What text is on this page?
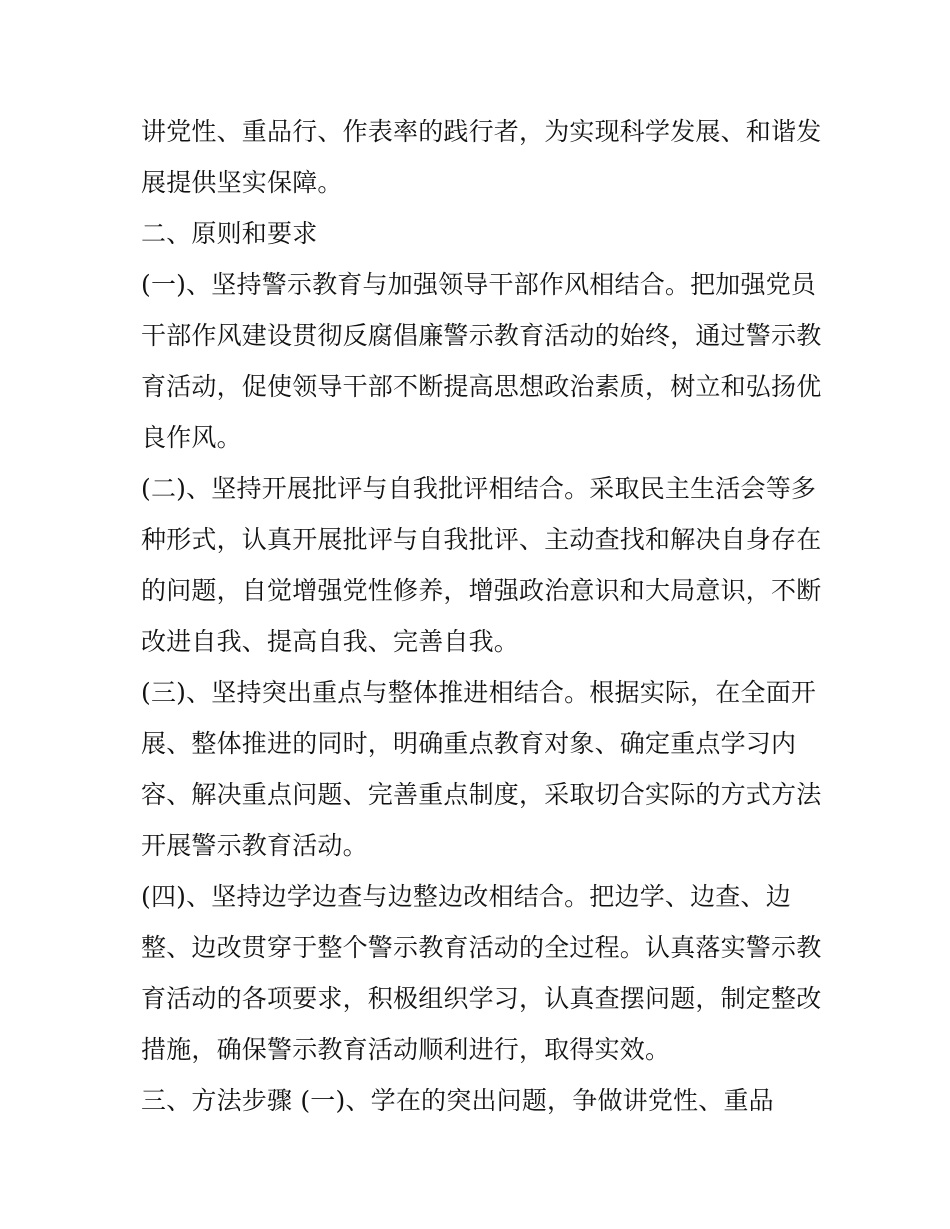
讲党性、重品行、作表率的践行者，为实现科学发展、和谐发
展提供坚实保障。
二、原则和要求
(一)、坚持警示教育与加强领导干部作风相结合。把加强党员
干部作风建设贯彻反腐倡廉警示教育活动的始终，通过警示教
育活动，促使领导干部不断提高思想政治素质，树立和弘扬优
良作风。
(二)、坚持开展批评与自我批评相结合。采取民主生活会等多
种形式，认真开展批评与自我批评、主动查找和解决自身存在
的问题，自觉增强党性修养，增强政治意识和大局意识，不断
改进自我、提高自我、完善自我。
(三)、坚持突出重点与整体推进相结合。根据实际，在全面开
展、整体推进的同时，明确重点教育对象、确定重点学习内
容、解决重点问题、完善重点制度，采取切合实际的方式方法
开展警示教育活动。
(四)、坚持边学边查与边整边改相结合。把边学、边查、边
整、边改贯穿于整个警示教育活动的全过程。认真落实警示教
育活动的各项要求，积极组织学习，认真查摆问题，制定整改
措施，确保警示教育活动顺利进行，取得实效。
三、方法步骤 (一)、学在的突出问题，争做讲党性、重品
